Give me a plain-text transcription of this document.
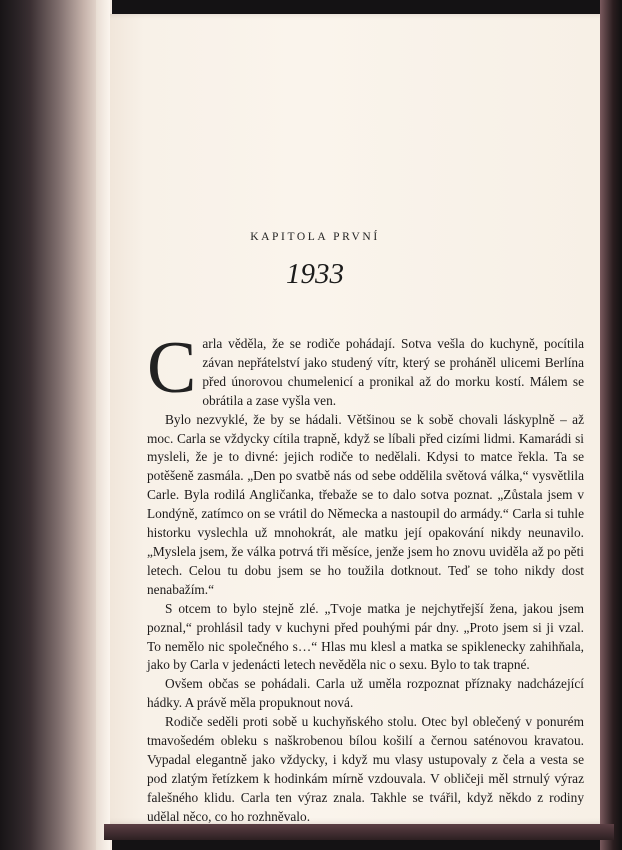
KAPITOLA PRVNÍ
1933

Carla věděla, že se rodiče pohádají. Sotva vešla do kuchyně, pocítila závan nepřátelství jako studený vítr, který se proháněl ulicemi Berlína před únorovou chumelenicí a pronikal až do morku kostí. Málem se obrátila a zase vyšla ven.

Bylo nezvyklé, že by se hádali. Většinou se k sobě chovali láskyplně – až moc. Carla se vždycky cítila trapně, když se líbali před cizími lidmi. Kamarádi si mysleli, že je to divné: jejich rodiče to nedělali. Kdysi to matce řekla. Ta se potěšeně zasmála. „Den po svatbě nás od sebe oddělila světová válka,“ vysvětlila Carle. Byla rodilá Angličanka, třebaže se to dalo sotva poznat. „Zůstala jsem v Londýně, zatímco on se vrátil do Německa a nastoupil do armády.“ Carla si tuhle historku vyslechla už mnohokrát, ale matku její opakování nikdy neunavilo. „Myslela jsem, že válka potrvá tři měsíce, jenže jsem ho znovu uviděla až po pěti letech. Celou tu dobu jsem se ho toužila dotknout. Teď se toho nikdy dost nenabažím.“

S otcem to bylo stejně zlé. „Tvoje matka je nejchytřejší žena, jakou jsem poznal,“ prohlásil tady v kuchyni před pouhými pár dny. „Proto jsem si ji vzal. To nemělo nic společného s…“ Hlas mu klesl a matka se spiklenecky zahihňala, jako by Carla v jedenácti letech nevěděla nic o sexu. Bylo to tak trapné.

Ovšem občas se pohádali. Carla už uměla rozpoznat příznaky nadcházející hádky. A právě měla propuknout nová.

Rodiče seděli proti sobě u kuchyňského stolu. Otec byl oblečený v ponurém tmavošedém obleku s naškrobenou bílou košilí a černou saténovou kravatou. Vypadal elegantně jako vždycky, i když mu vlasy ustupovaly z čela a vesta se pod zlatým řetízkem k hodinkám mírně vzdouvala. V obličeji měl strnulý výraz falešného klidu. Carla ten výraz znala. Takhle se tvářil, když někdo z rodiny udělal něco, co ho rozhněvalo.
